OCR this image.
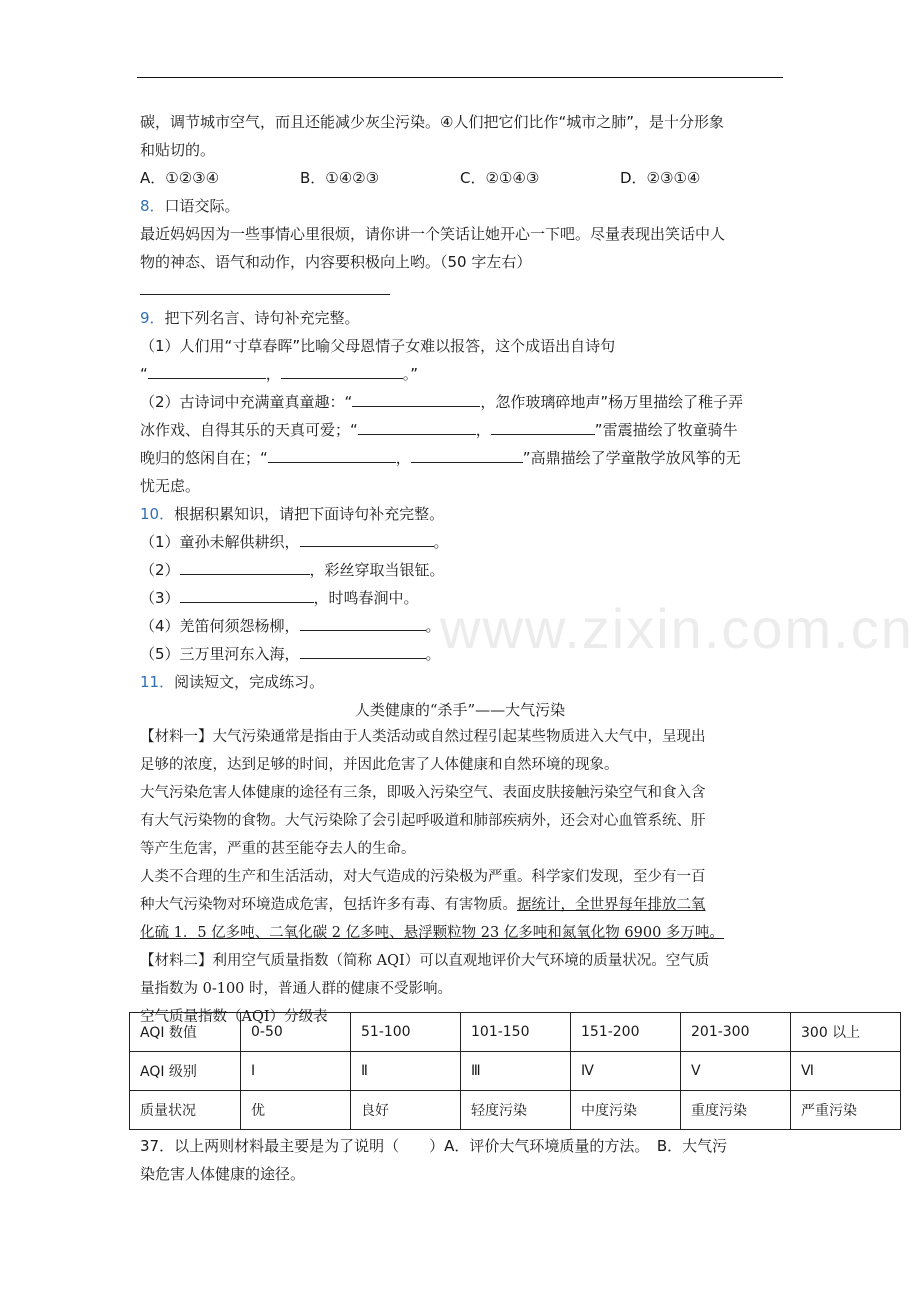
www.zixin.com.cn
碳，调节城市空气，而且还能减少灰尘污染。④人们把它们比作“城市之肺”，是十分形象
和贴切的。
A．①②③④	B．①④②③	C．②①④③	D．②③①④
8．口语交际。
最近妈妈因为一些事情心里很烦，请你讲一个笑话让她开心一下吧。尽量表现出笑话中人
物的神态、语气和动作，内容要积极向上哟。（50 字左右）
9．把下列名言、诗句补充完整。
（1）人们用“寸草春晖”比喻父母恩情子女难以报答，这个成语出自诗句
“	，	。”
（2）古诗词中充满童真童趣：“	，忽作玻璃碎地声”杨万里描绘了稚子弄
冰作戏、自得其乐的天真可爱；“	，	”雷震描绘了牧童骑牛
晚归的悠闲自在；“	，	”高鼎描绘了学童散学放风筝的无
忧无虑。
10．根据积累知识，请把下面诗句补充完整。
（1）童孙未解供耕织，	。
（2）	，彩丝穿取当银钲。
（3）	，时鸣春涧中。
（4）羌笛何须怨杨柳，	。
（5）三万里河东入海，	。
11．阅读短文，完成练习。
人类健康的“杀手”——大气污染
【材料一】大气污染通常是指由于人类活动或自然过程引起某些物质进入大气中，呈现出
足够的浓度，达到足够的时间，并因此危害了人体健康和自然环境的现象。
大气污染危害人体健康的途径有三条，即吸入污染空气、表面皮肤接触污染空气和食入含
有大气污染物的食物。大气污染除了会引起呼吸道和肺部疾病外，还会对心血管系统、肝
等产生危害，严重的甚至能夺去人的生命。
人类不合理的生产和生活活动，对大气造成的污染极为严重。科学家们发现，至少有一百
种大气污染物对环境造成危害，包括许多有毒、有害物质。据统计，全世界每年排放二氧
化硫 1．5 亿多吨、二氧化碳 2 亿多吨、悬浮颗粒物 23 亿多吨和氮氧化物 6900 多万吨。
【材料二】利用空气质量指数（简称 AQI）可以直观地评价大气环境的质量状况。空气质
量指数为 0-100 时，普通人群的健康不受影响。
空气质量指数（AQI）分级表
AQI 数值	0-50	51-100	101-150	151-200	201-300	300 以上
AQI 级别	Ⅰ	Ⅱ	Ⅲ	Ⅳ	Ⅴ	Ⅵ
质量状况	优	良好	轻度污染	中度污染	重度污染	严重污染
37．以上两则材料最主要是为了说明（　　）A．评价大气环境质量的方法。　B．大气污
染危害人体健康的途径。
